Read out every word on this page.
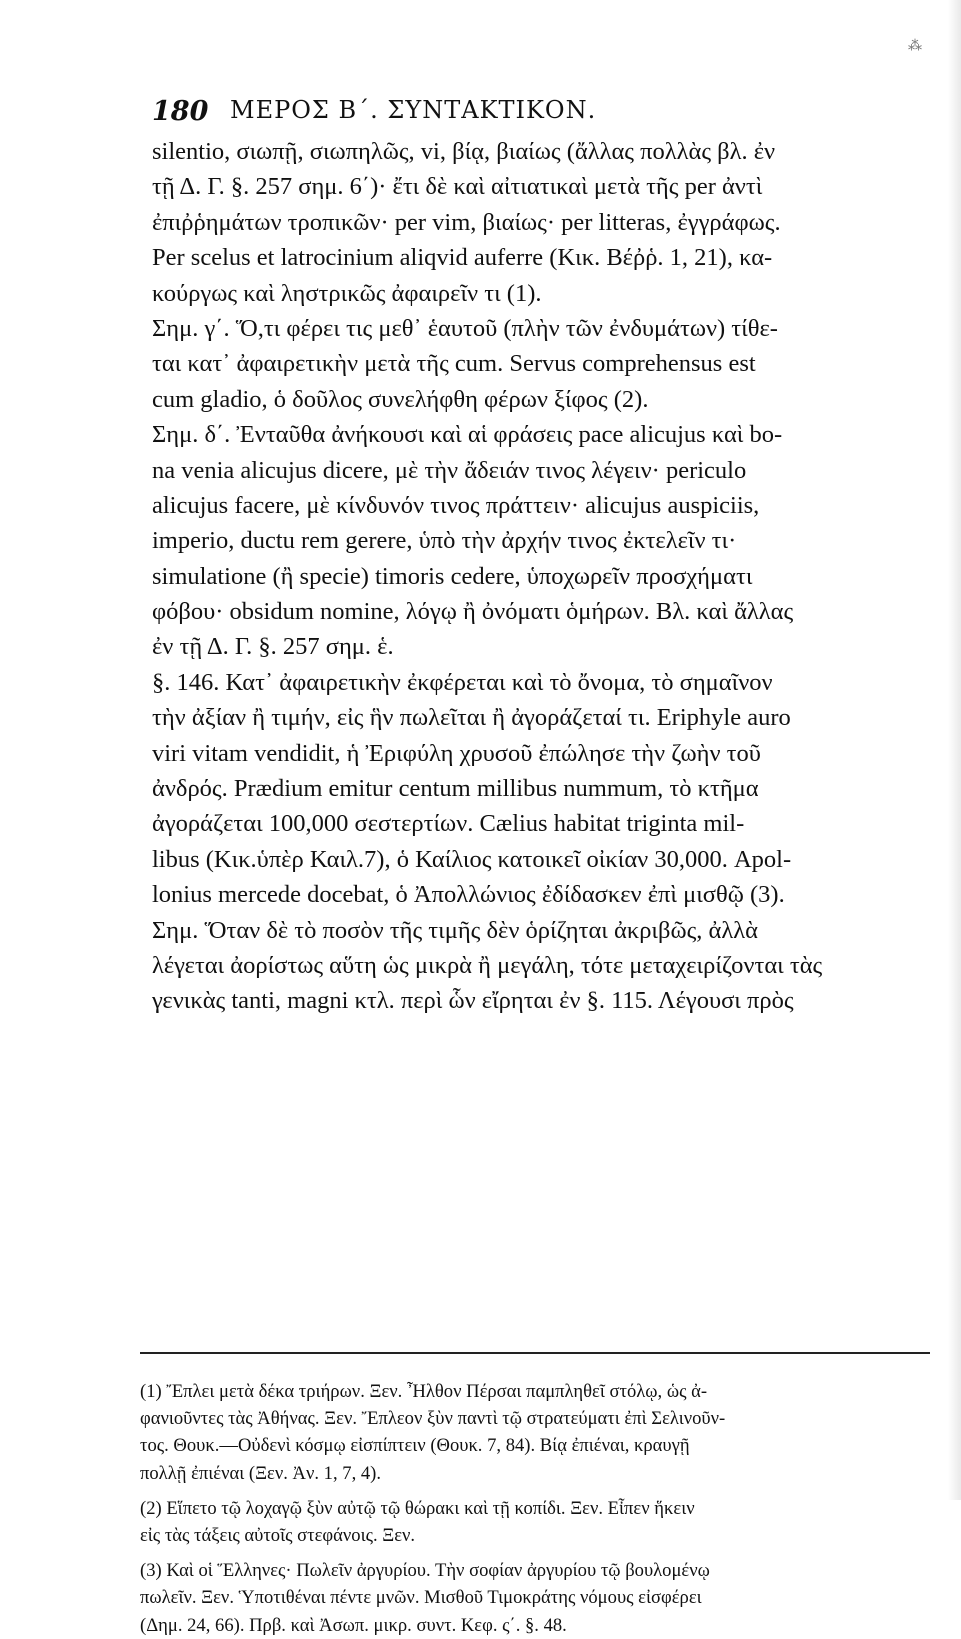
⁂
180 ΜΕΡΟΣ Β΄. ΣΥΝΤΑΚΤΙΚΟΝ.
silentio, σιωπῇ, σιωπηλῶς, vi, βίᾳ, βιαίως (ἄλλας πολλὰς βλ. ἐν
τῇ Δ. Γ. §. 257 σημ. 6΄)· ἔτι δὲ καὶ αἰτιατικαὶ μετὰ τῆς per ἀντὶ
ἐπιῤῥημάτων τροπικῶν· per vim, βιαίως· per litteras, ἐγγράφως.
Per scelus et latrocinium aliqvid auferre (Κικ. Βέῤῥ. 1, 21), κα-
κούργως καὶ ληστρικῶς ἀφαιρεῖν τι (1).
Σημ. γ΄. Ὅ,τι φέρει τις μεθ᾽ ἑαυτοῦ (πλὴν τῶν ἐνδυμάτων) τίθε-
ται κατ᾽ ἀφαιρετικὴν μετὰ τῆς cum. Servus comprehensus est
cum gladio, ὁ δοῦλος συνελήφθη φέρων ξίφος (2).
Σημ. δ΄. Ἐνταῦθα ἀνήκουσι καὶ αἱ φράσεις pace alicujus καὶ bo-
na venia alicujus dicere, μὲ τὴν ἄδειάν τινος λέγειν· periculo
alicujus facere, μὲ κίνδυνόν τινος πράττειν· alicujus auspiciis,
imperio, ductu rem gerere, ὑπὸ τὴν ἀρχήν τινος ἐκτελεῖν τι·
simulatione (ἢ specie) timoris cedere, ὑποχωρεῖν προσχήματι
φόβου· obsidum nomine, λόγῳ ἢ ὀνόματι ὁμήρων. Βλ. καὶ ἄλλας
ἐν τῇ Δ. Γ. §. 257 σημ. ἑ.
§. 146. Κατ᾽ ἀφαιρετικὴν ἐκφέρεται καὶ τὸ ὄνομα, τὸ σημαῖνον
τὴν ἀξίαν ἢ τιμήν, εἰς ἣν πωλεῖται ἢ ἀγοράζεταί τι. Eriphyle auro
viri vitam vendidit, ἡ Ἐριφύλη χρυσοῦ ἐπώλησε τὴν ζωὴν τοῦ
ἀνδρός. Prædium emitur centum millibus nummum, τὸ κτῆμα
ἀγοράζεται 100,000 σεστερτίων. Cælius habitat triginta mil-
libus (Κικ.ὑπὲρ Καιλ.7), ὁ Καίλιος κατοικεῖ οἰκίαν 30,000. Apol-
lonius mercede docebat, ὁ Ἀπολλώνιος ἐδίδασκεν ἐπὶ μισθῷ (3).
Σημ. Ὅταν δὲ τὸ ποσὸν τῆς τιμῆς δὲν ὁρίζηται ἀκριβῶς, ἀλλὰ
λέγεται ἀορίστως αὕτη ὡς μικρὰ ἢ μεγάλη, τότε μεταχειρίζονται τὰς
γενικὰς tanti, magni κτλ. περὶ ὧν εἴρηται ἐν §. 115. Λέγουσι πρὸς
(1) Ἔπλει μετὰ δέκα τριήρων. Ξεν. Ἦλθον Πέρσαι παμπληθεῖ στόλῳ, ὡς ἀ-
φανιοῦντες τὰς Ἀθήνας. Ξεν. Ἔπλεον ξὺν παντὶ τῷ στρατεύματι ἐπὶ Σελινοῦν-
τος. Θουκ.—Οὐδενὶ κόσμῳ εἰσπίπτειν (Θουκ. 7, 84). Βίᾳ ἐπιέναι, κραυγῇ
πολλῇ ἐπιέναι (Ξεν. Ἀν. 1, 7, 4).
(2) Εἵπετο τῷ λοχαγῷ ξὺν αὐτῷ τῷ θώρακι καὶ τῇ κοπίδι. Ξεν. Εἶπεν ἥκειν
εἰς τὰς τάξεις αὐτοῖς στεφάνοις. Ξεν.
(3) Καὶ οἱ Ἕλληνες· Πωλεῖν ἀργυρίου. Τὴν σοφίαν ἀργυρίου τῷ βουλομένῳ
πωλεῖν. Ξεν. Ὑποτιθέναι πέντε μνῶν. Μισθοῦ Τιμοκράτης νόμους εἰσφέρει
(Δημ. 24, 66). Πρβ. καὶ Ἀσωπ. μικρ. συντ. Κεφ. ς΄. §. 48.
